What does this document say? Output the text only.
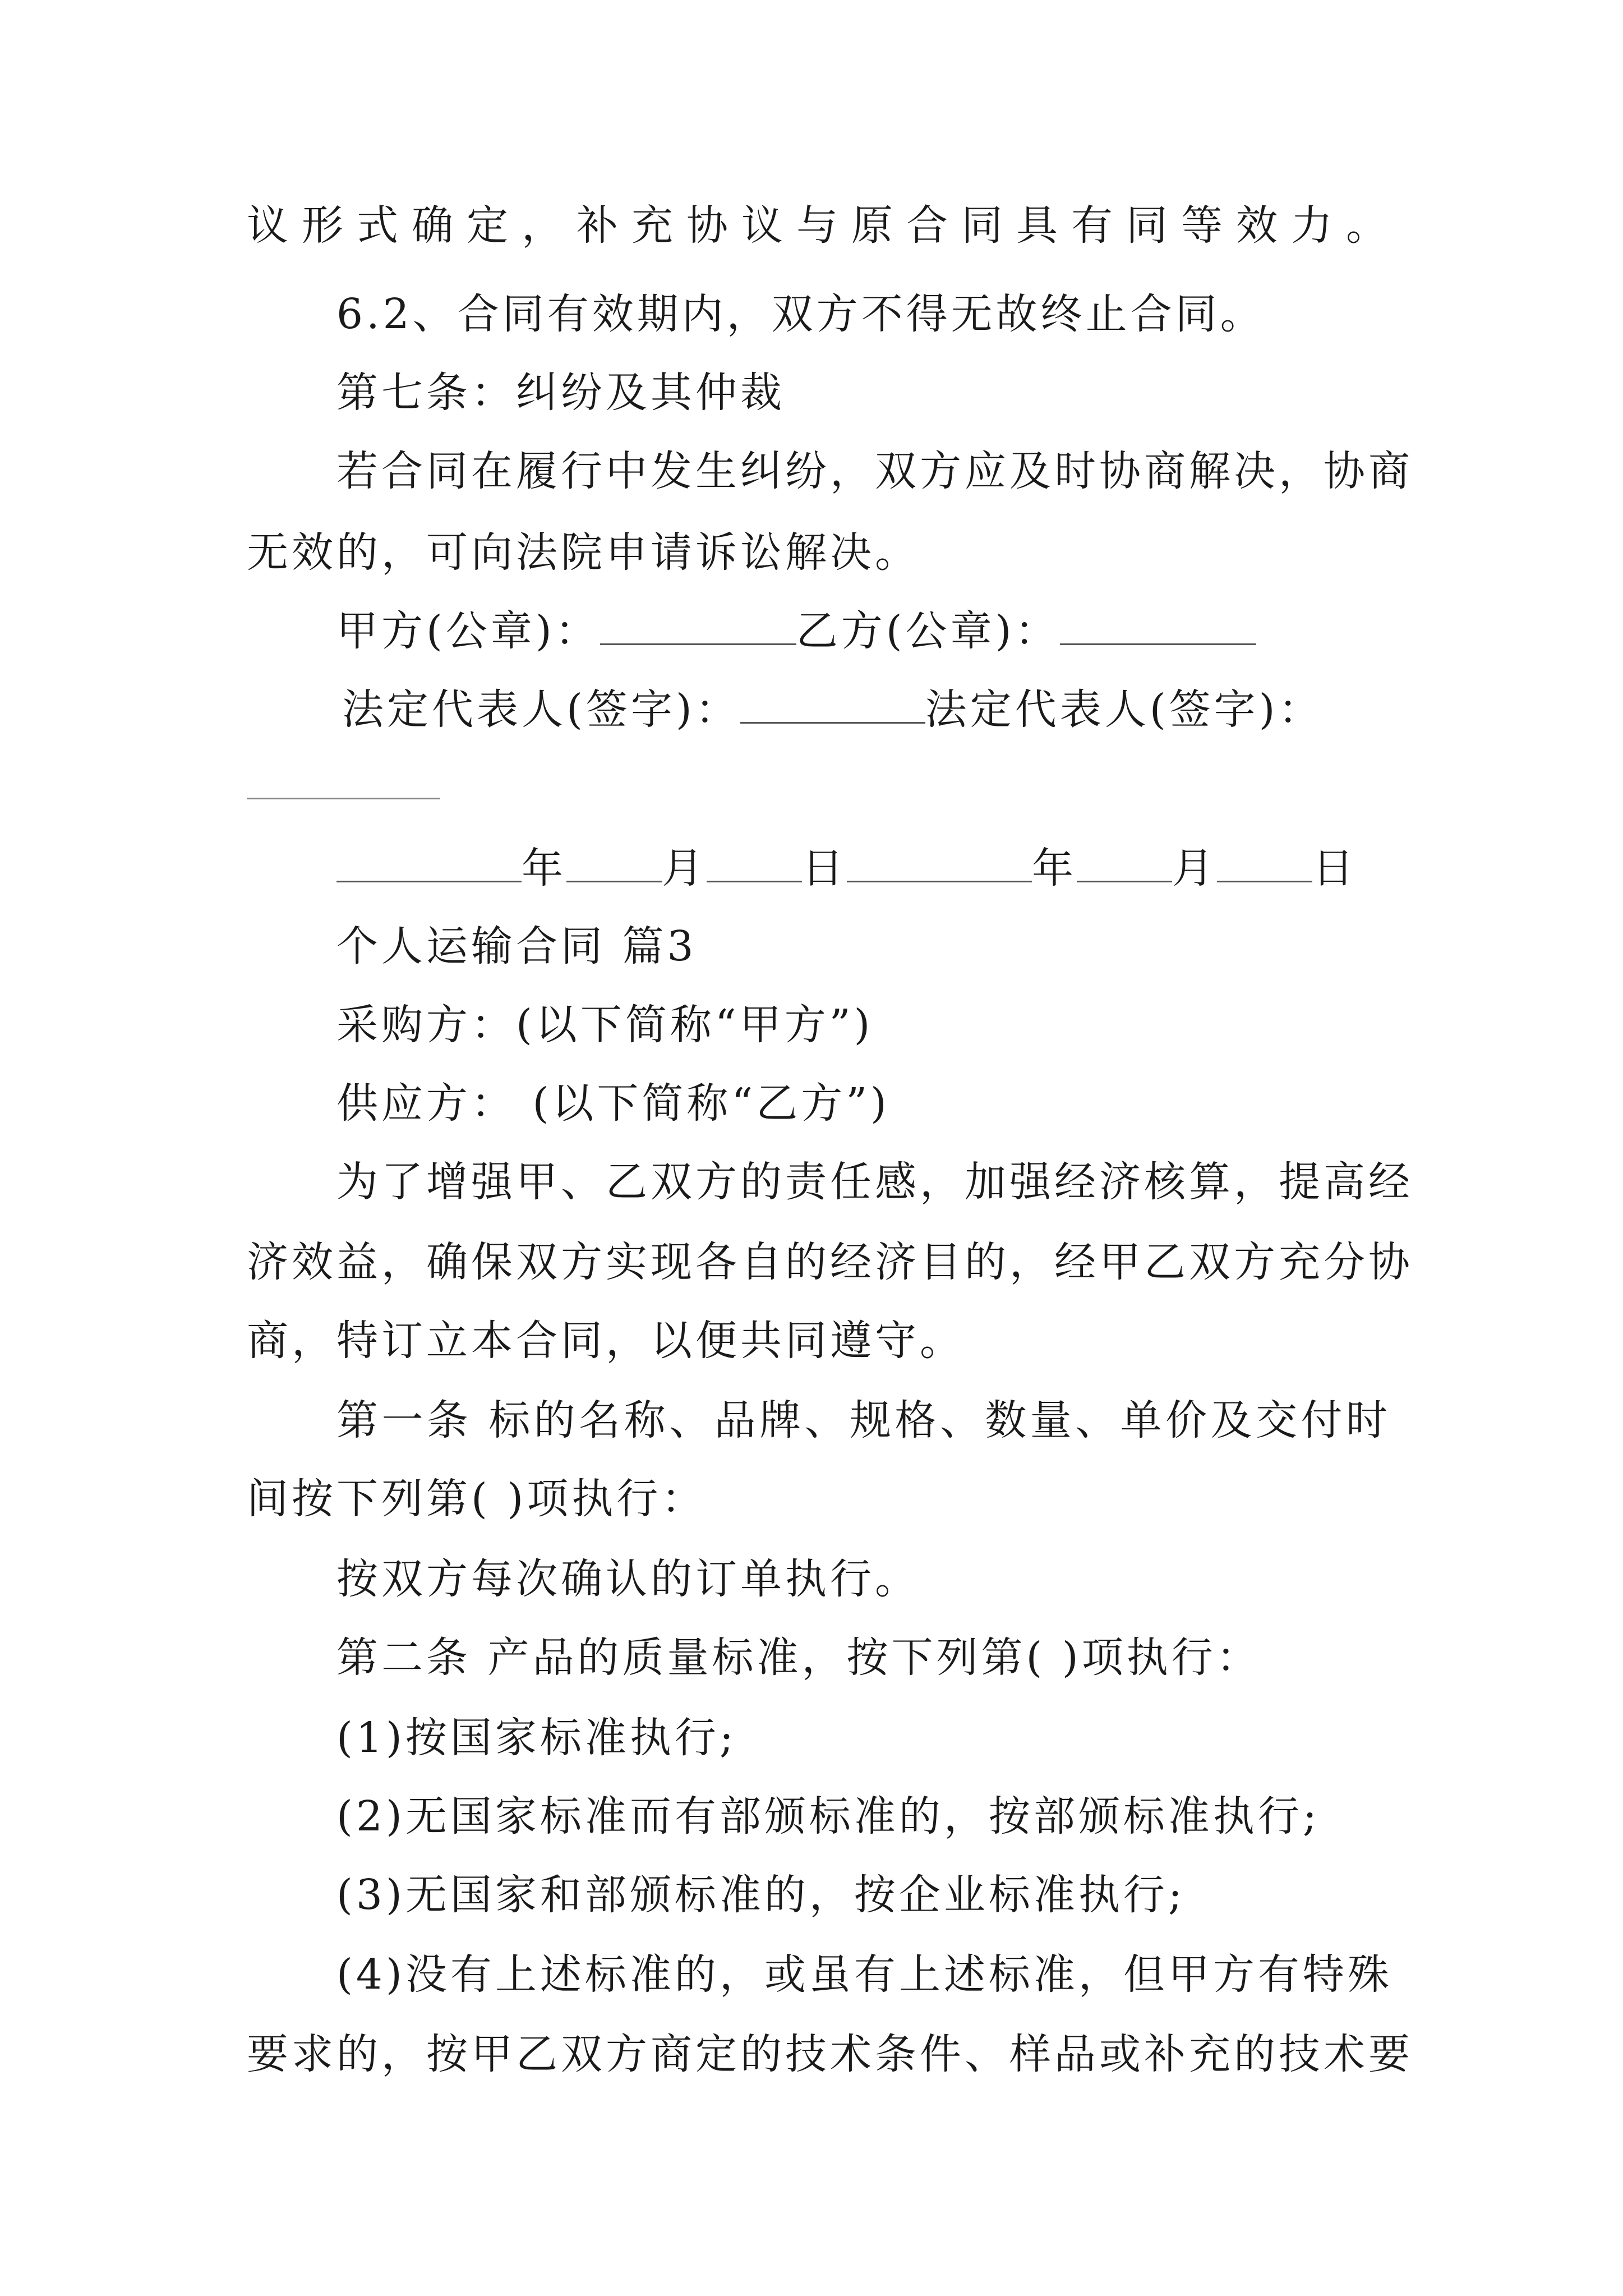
议形式确定，补充协议与原合同具有同等效力。
6.2、合同有效期内，双方不得无故终止合同。
第七条：纠纷及其仲裁
若合同在履行中发生纠纷，双方应及时协商解决，协商
无效的，可向法院申请诉讼解决。
甲方(公章)：	乙方(公章)：
法定代表人(签字)：	法定代表人(签字)：
年 月 日	年 月 日
个人运输合同 篇3
采购方：(以下简称“甲方”)
供应方： (以下简称“乙方”)
为了增强甲、乙双方的责任感，加强经济核算，提高经
济效益，确保双方实现各自的经济目的，经甲乙双方充分协
商，特订立本合同，以便共同遵守。
第一条 标的名称、品牌、规格、数量、单价及交付时
间按下列第( )项执行：
按双方每次确认的订单执行。
第二条 产品的质量标准，按下列第( )项执行：
(1)按国家标准执行;
(2)无国家标准而有部颁标准的，按部颁标准执行;
(3)无国家和部颁标准的，按企业标准执行;
(4)没有上述标准的，或虽有上述标准，但甲方有特殊
要求的，按甲乙双方商定的技术条件、样品或补充的技术要
